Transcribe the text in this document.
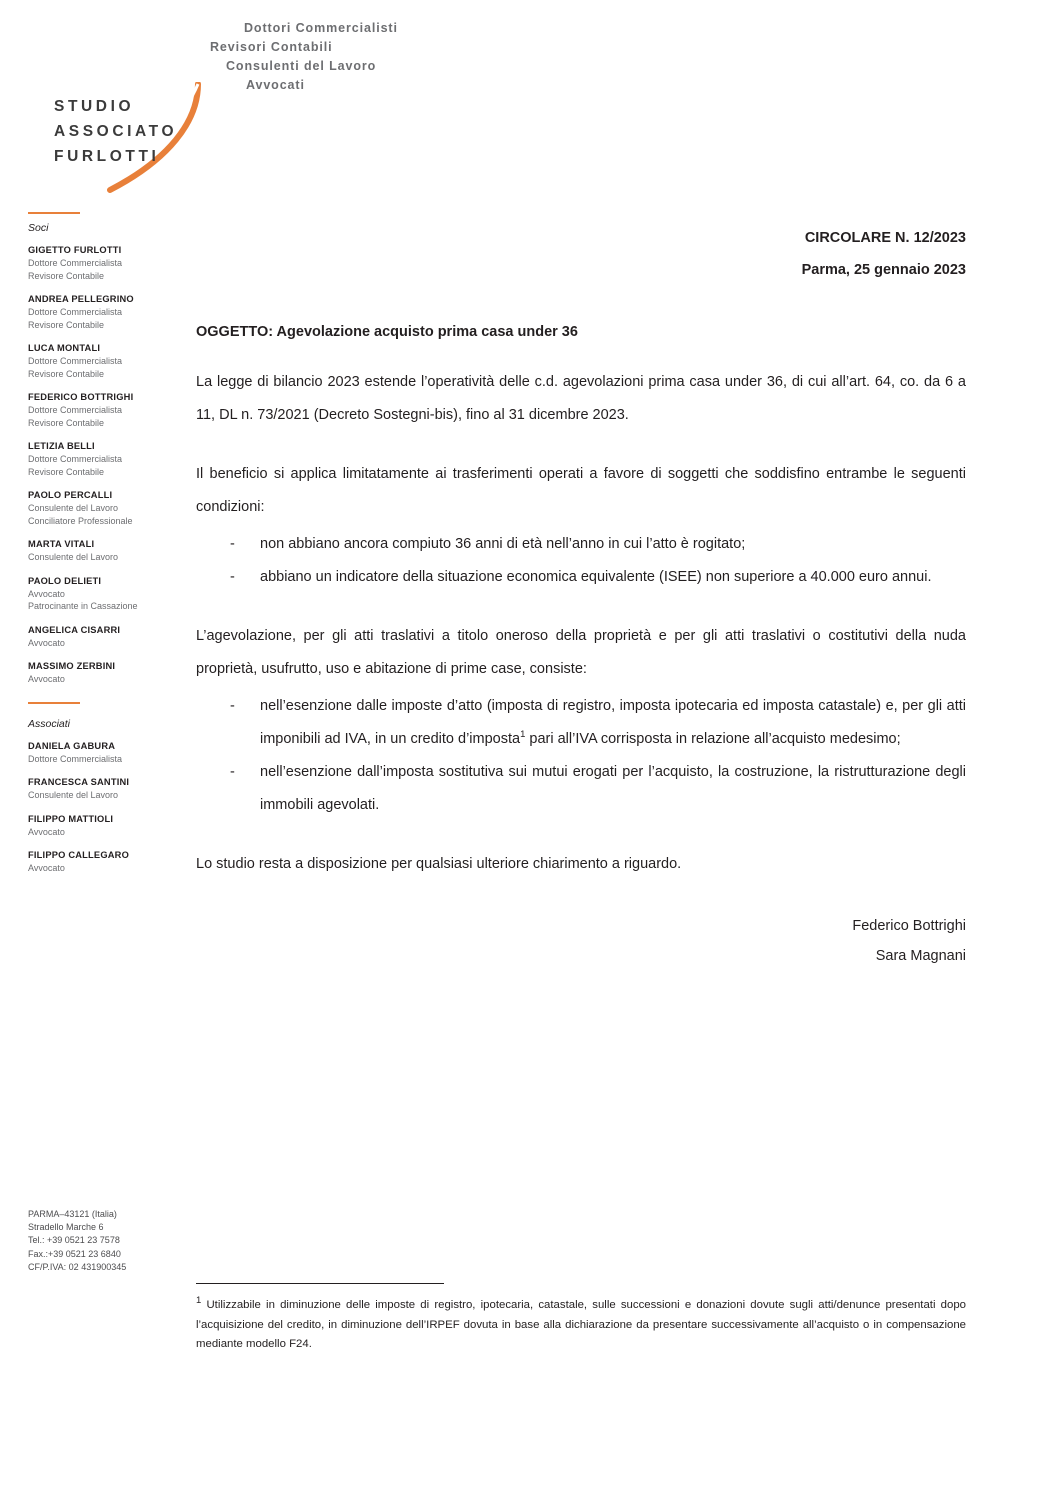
STUDIO
ASSOCIATO
FURLOTTI
Dottori Commercialisti
Revisori Contabili
Consulenti del Lavoro
Avvocati
Soci
GIGETTO FURLOTTI
Dottore Commercialista
Revisore Contabile
ANDREA PELLEGRINO
Dottore Commercialista
Revisore Contabile
LUCA MONTALI
Dottore Commercialista
Revisore Contabile
FEDERICO BOTTRIGHI
Dottore Commercialista
Revisore Contabile
LETIZIA BELLI
Dottore Commercialista
Revisore Contabile
PAOLO PERCALLI
Consulente del Lavoro
Conciliatore Professionale
MARTA VITALI
Consulente del Lavoro
PAOLO DELIETI
Avvocato
Patrocinante in Cassazione
ANGELICA CISARRI
Avvocato
MASSIMO ZERBINI
Avvocato
Associati
DANIELA GABURA
Dottore Commercialista
FRANCESCA SANTINI
Consulente del Lavoro
FILIPPO MATTIOLI
Avvocato
FILIPPO CALLEGARO
Avvocato
PARMA–43121 (Italia)
Stradello Marche 6
Tel.: +39 0521 23 7578
Fax.:+39 0521 23 6840
CF/P.IVA: 02 431900345
CIRCOLARE N. 12/2023
Parma, 25 gennaio 2023
OGGETTO: Agevolazione acquisto prima casa under 36

La legge di bilancio 2023 estende l’operatività delle c.d. agevolazioni prima casa under 36, di cui all’art. 64, co. da 6 a 11, DL n. 73/2021 (Decreto Sostegni-bis), fino al 31 dicembre 2023.

Il beneficio si applica limitatamente ai trasferimenti operati a favore di soggetti che soddisfino entrambe le seguenti condizioni:

- non abbiano ancora compiuto 36 anni di età nell’anno in cui l’atto è rogitato;
- abbiano un indicatore della situazione economica equivalente (ISEE) non superiore a 40.000 euro annui.

L’agevolazione, per gli atti traslativi a titolo oneroso della proprietà e per gli atti traslativi o costitutivi della nuda proprietà, usufrutto, uso e abitazione di prime case, consiste:

- nell’esenzione dalle imposte d’atto (imposta di registro, imposta ipotecaria ed imposta catastale) e, per gli atti imponibili ad IVA, in un credito d’imposta$^1$ pari all’IVA corrisposta in relazione all’acquisto medesimo;
- nell’esenzione dall’imposta sostitutiva sui mutui erogati per l’acquisto, la costruzione, la ristrutturazione degli immobili agevolati.

Lo studio resta a disposizione per qualsiasi ulteriore chiarimento a riguardo.

Federico Bottrighi
Sara Magnani
$^1$ Utilizzabile in diminuzione delle imposte di registro, ipotecaria, catastale, sulle successioni e donazioni dovute sugli atti/denunce presentati dopo l’acquisizione del credito, in diminuzione dell’IRPEF dovuta in base alla dichiarazione da presentare successivamente all’acquisto o in compensazione mediante modello F24.
